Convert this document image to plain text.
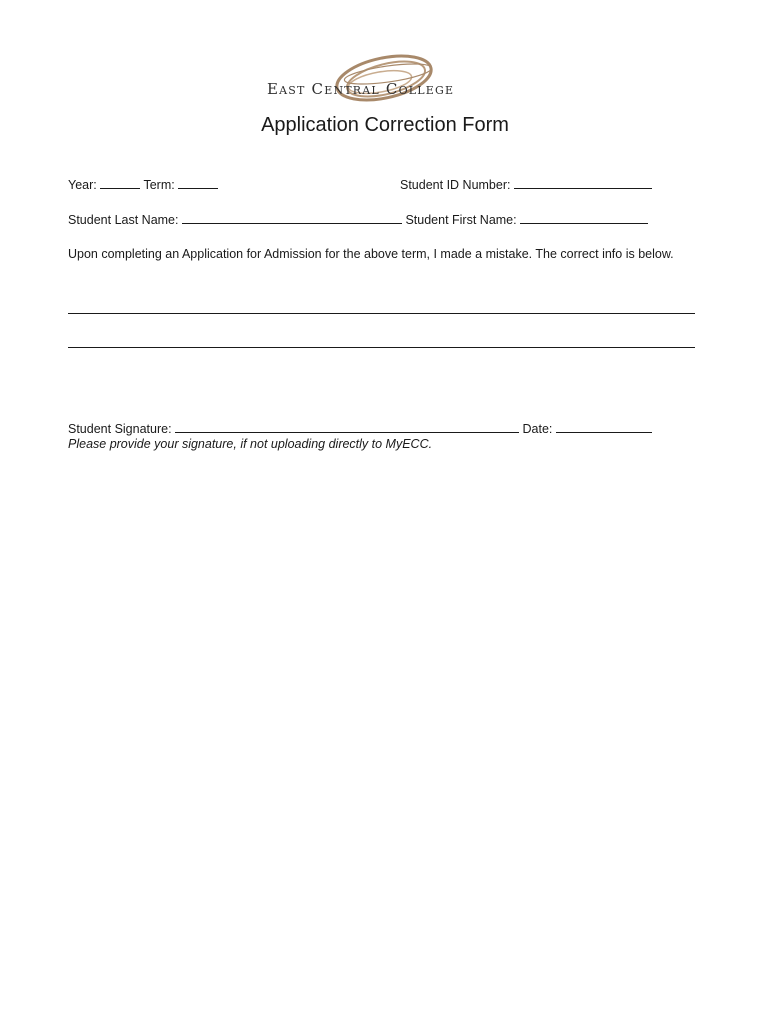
East Central College
Application Correction Form
Year:	Term:	Student ID Number:
Student Last Name:	Student First Name:
Upon completing an Application for Admission for the above term, I made a mistake. The correct info is below.
Student Signature:	Date:
Please provide your signature, if not uploading directly to MyECC.
